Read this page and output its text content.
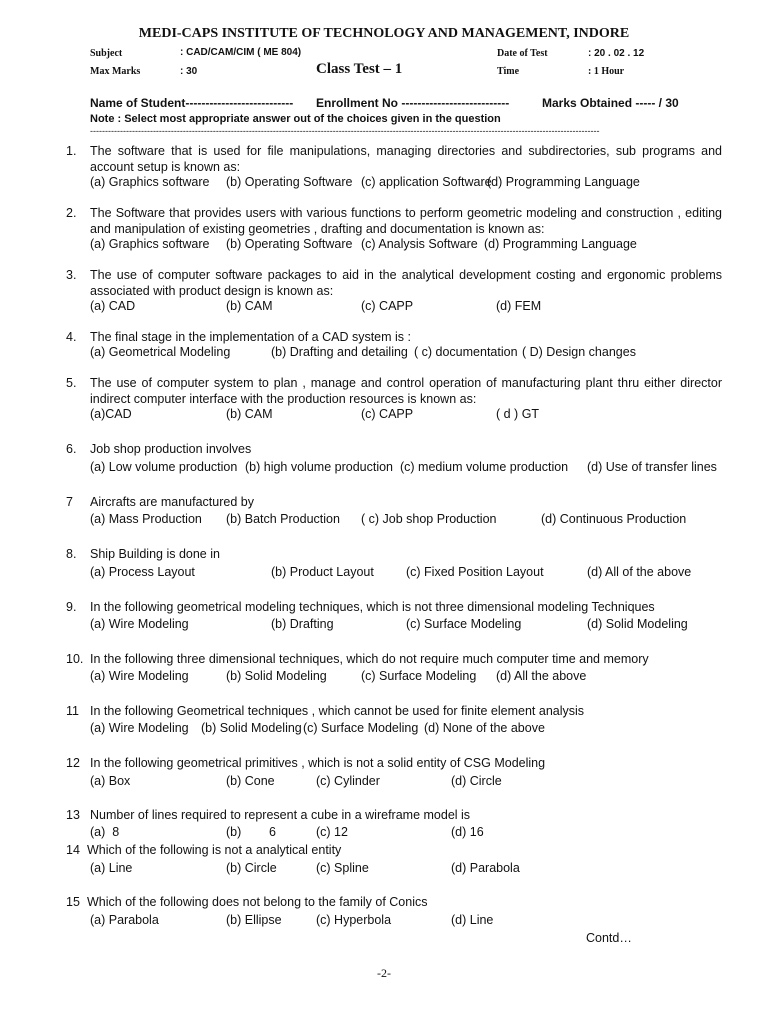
MEDI-CAPS INSTITUTE OF TECHNOLOGY AND MANAGEMENT, INDORE
Subject	: CAD/CAM/CIM ( ME 804)	Date of Test	: 20 . 02 . 12
Max Marks	: 30	Class Test – 1	Time	: 1 Hour
Name of Student--------------------------- Enrollment No ---------------------------	Marks Obtained ----- / 30
Note : Select most appropriate answer out of the choices given in the question
--------------------------------------------------------------------------------------------------------------------------------------------------------------------------
1. The software that is used for file manipulations, managing directories and subdirectories, sub programs and account setup is known as:
(a) Graphics software (b) Operating Software (c) application Software
(d) Programming Language
2. The Software that provides users with various functions to perform geometric modeling and construction , editing and manipulation of existing geometries , drafting and documentation is known as:
(a) Graphics software (b) Operating Software (c) Analysis Software (d) Programming Language
3. The use of computer software packages to aid in the analytical development costing and ergonomic problems associated with product design is known as:
(a) CAD	(b) CAM	(c) CAPP	(d) FEM
4. The final stage in the implementation of a CAD system is :
(a) Geometrical Modeling	(b) Drafting and detailing ( c) documentation ( D) Design changes
5. The use of computer system to plan , manage and control operation of manufacturing plant thru either director indirect computer interface with the production resources is known as:
(a)CAD	(b) CAM	(c) CAPP	( d ) GT
6. Job shop production involves
(a) Low volume production (b) high volume production (c) medium volume production (d) Use of transfer lines
7 Aircrafts are manufactured by
(a) Mass Production (b) Batch Production ( c) Job shop Production	(d) Continuous Production
8. Ship Building is done in
(a) Process Layout	(b) Product Layout	(c) Fixed Position Layout	(d) All of the above
9. In the following geometrical modeling techniques, which is not three dimensional modeling Techniques
(a) Wire Modeling	(b) Drafting	(c) Surface Modeling	(d) Solid Modeling
10. In the following three dimensional techniques, which do not require much computer time and memory
(a) Wire Modeling	(b) Solid Modeling	(c) Surface Modeling (d) All the above
11 In the following Geometrical techniques , which cannot be used for finite element analysis
(a) Wire Modeling (b) Solid Modeling (c) Surface Modeling (d) None of the above
12 In the following geometrical primitives , which is not a solid entity of CSG Modeling
(a) Box	(b) Cone	(c) Cylinder	(d) Circle
13 Number of lines required to represent a cube in a wireframe model is
(a)  8	(b)        6	(c) 12	(d) 16
14 Which of the following is not a analytical entity
(a) Line	(b) Circle	(c) Spline	(d) Parabola
15 Which of the following does not belong to the family of Conics
(a) Parabola	(b) Ellipse	(c) Hyperbola	(d) Line
Contd…
-2-
